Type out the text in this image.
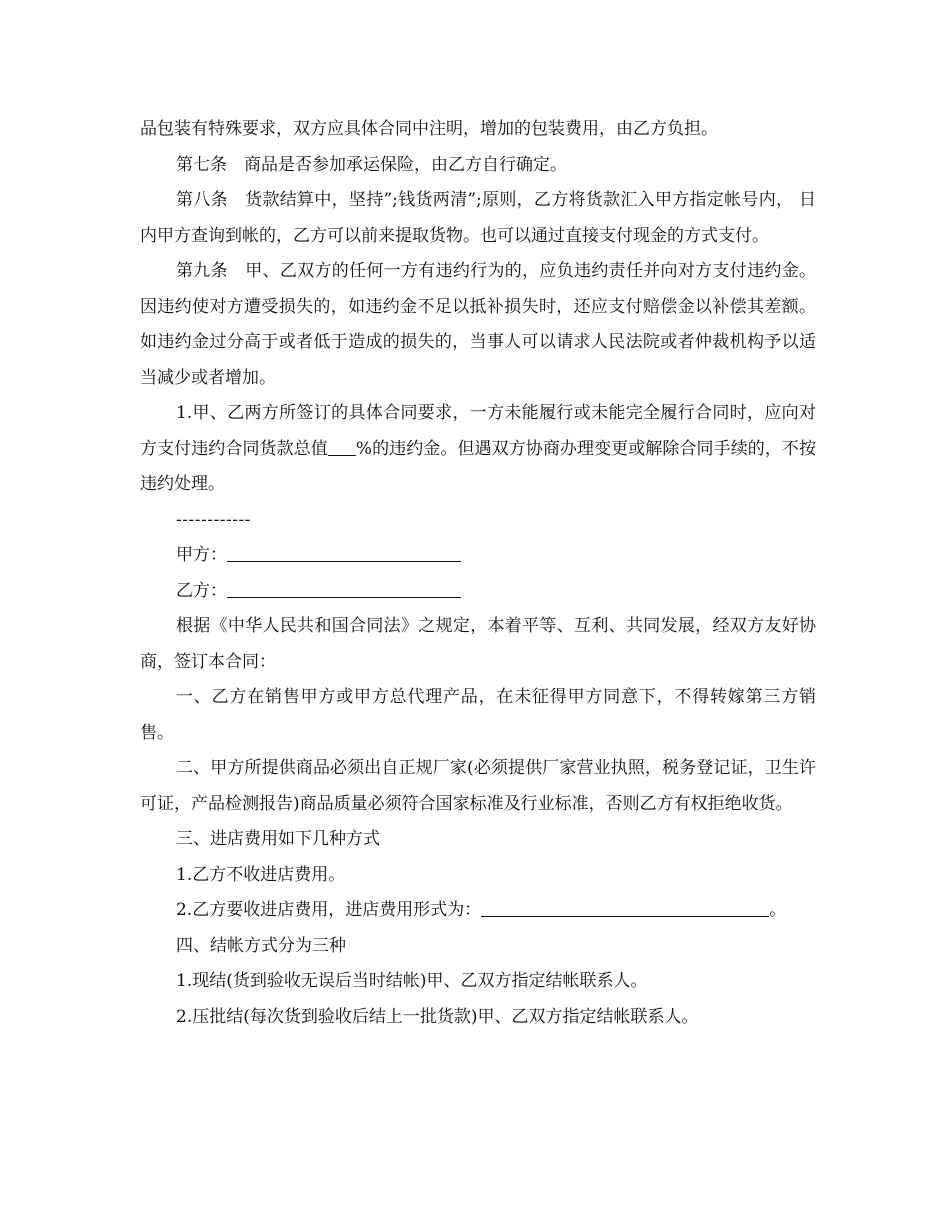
品包装有特殊要求，双方应具体合同中注明，增加的包装费用，由乙方负担。

第七条　商品是否参加承运保险，由乙方自行确定。

第八条　货款结算中，坚持”;钱货两清”;原则，乙方将货款汇入甲方指定帐号内， 日内甲方查询到帐的，乙方可以前来提取货物。也可以通过直接支付现金的方式支付。

第九条　甲、乙双方的任何一方有违约行为的，应负违约责任并向对方支付违约金。因违约使对方遭受损失的，如违约金不足以抵补损失时，还应支付赔偿金以补偿其差额。如违约金过分高于或者低于造成的损失的，当事人可以请求人民法院或者仲裁机构予以适当减少或者增加。

1.甲、乙两方所签订的具体合同要求，一方未能履行或未能完全履行合同时，应向对方支付违约合同货款总值 %的违约金。但遇双方协商办理变更或解除合同手续的，不按违约处理。

------------

甲方：

乙方：

根据《中华人民共和国合同法》之规定，本着平等、互利、共同发展，经双方友好协商，签订本合同：

一、乙方在销售甲方或甲方总代理产品，在未征得甲方同意下，不得转嫁第三方销售。

二、甲方所提供商品必须出自正规厂家(必须提供厂家营业执照，税务登记证，卫生许可证，产品检测报告)商品质量必须符合国家标准及行业标准，否则乙方有权拒绝收货。

三、进店费用如下几种方式

1.乙方不收进店费用。

2.乙方要收进店费用，进店费用形式为：	。

四、结帐方式分为三种

1.现结(货到验收无误后当时结帐)甲、乙双方指定结帐联系人。

2.压批结(每次货到验收后结上一批货款)甲、乙双方指定结帐联系人。
